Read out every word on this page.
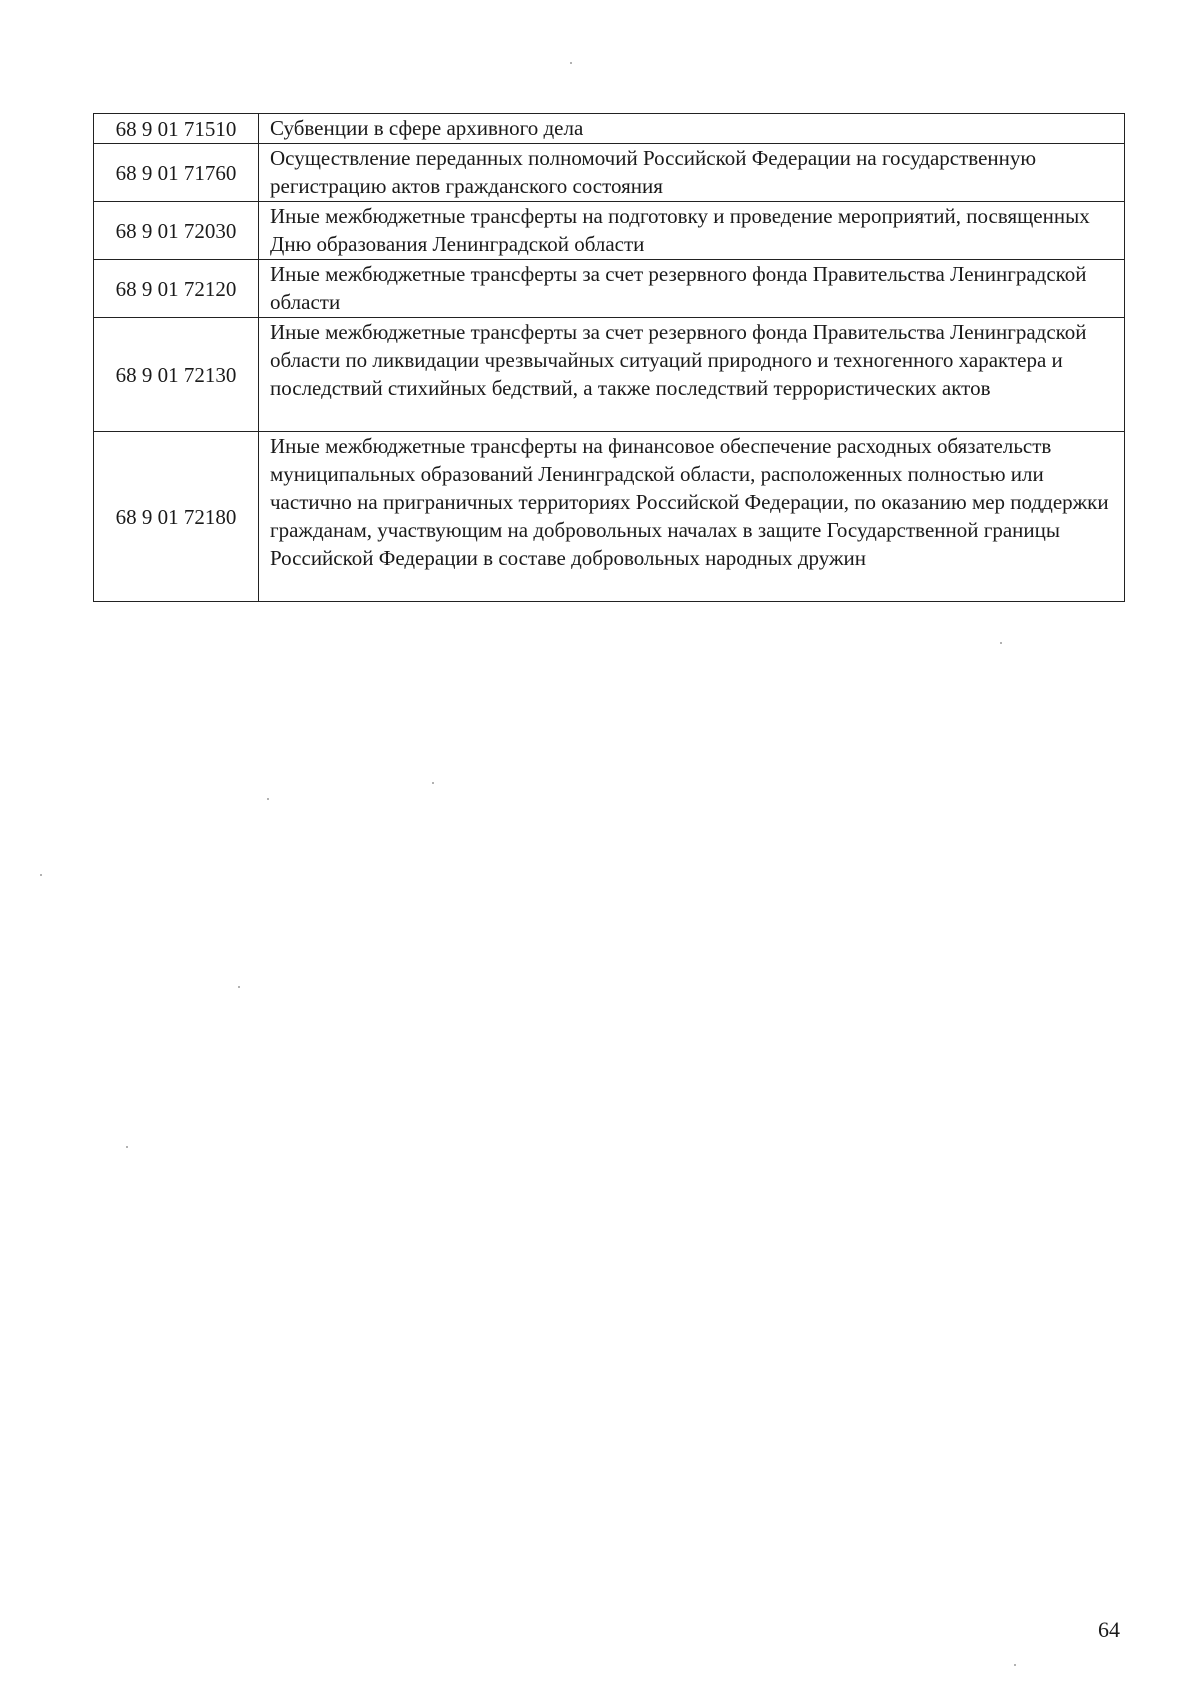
68 9 01 71510	Субвенции в сфере архивного дела
68 9 01 71760	Осуществление переданных полномочий Российской Федерации на государственную регистрацию актов гражданского состояния
68 9 01 72030	Иные межбюджетные трансферты на подготовку и проведение мероприятий, посвященных Дню образования Ленинградской области
68 9 01 72120	Иные межбюджетные трансферты за счет резервного фонда Правительства Ленинградской области
68 9 01 72130	Иные межбюджетные трансферты за счет резервного фонда Правительства Ленинградской области по ликвидации чрезвычайных ситуаций природного и техногенного характера и последствий стихийных бедствий, а также последствий террористических актов
68 9 01 72180	Иные межбюджетные трансферты на финансовое обеспечение расходных обязательств муниципальных образований Ленинградской области, расположенных полностью или частично на приграничных территориях Российской Федерации, по оказанию мер поддержки гражданам, участвующим на добровольных началах в защите Государственной границы Российской Федерации в составе добровольных народных дружин
64
